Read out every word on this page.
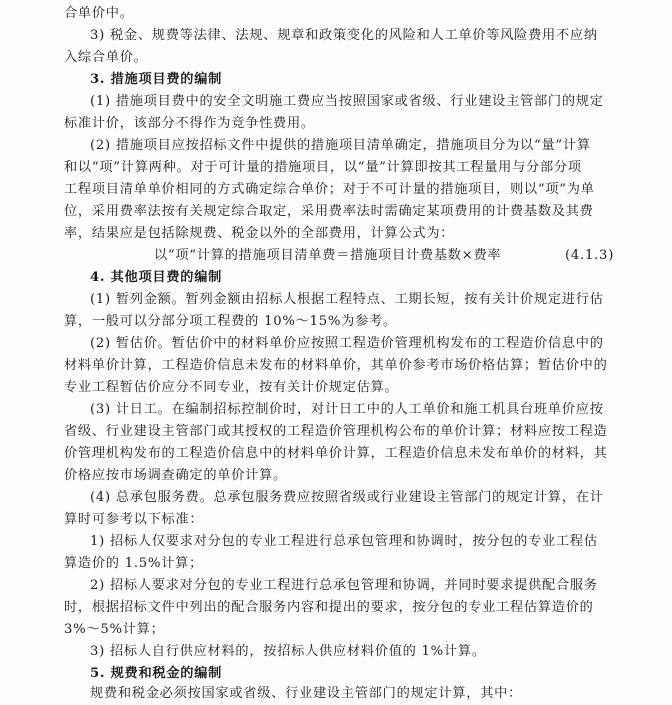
合单价中。

3) 税金、规费等法律、法规、规章和政策变化的风险和人工单价等风险费用不应纳

入综合单价。

3. 措施项目费的编制

(1) 措施项目费中的安全文明施工费应当按照国家或省级、行业建设主管部门的规定

标准计价，该部分不得作为竞争性费用。

(2) 措施项目应按招标文件中提供的措施项目清单确定，措施项目分为以“量”计算

和以“项”计算两种。对于可计量的措施项目，以“量”计算即按其工程量用与分部分项

工程项目清单单价相同的方式确定综合单价；对于不可计量的措施项目，则以“项”为单

位，采用费率法按有关规定综合取定，采用费率法时需确定某项费用的计费基数及其费

率，结果应是包括除规费、税金以外的全部费用，计算公式为：

以“项”计算的措施项目清单费＝措施项目计费基数×费率	(4.1.3)

4. 其他项目费的编制

(1) 暂列金额。暂列金额由招标人根据工程特点、工期长短，按有关计价规定进行估

算，一般可以分部分项工程费的 10%～15%为参考。

(2) 暂估价。暂估价中的材料单价应按照工程造价管理机构发布的工程造价信息中的

材料单价计算，工程造价信息未发布的材料单价，其单价参考市场价格估算；暂估价中的

专业工程暂估价应分不同专业，按有关计价规定估算。

(3) 计日工。在编制招标控制价时，对计日工中的人工单价和施工机具台班单价应按

省级、行业建设主管部门或其授权的工程造价管理机构公布的单价计算；材料应按工程造

价管理机构发布的工程造价信息中的材料单价计算，工程造价信息未发布单价的材料，其

价格应按市场调查确定的单价计算。

(4) 总承包服务费。总承包服务费应按照省级或行业建设主管部门的规定计算，在计

算时可参考以下标准：

1) 招标人仅要求对分包的专业工程进行总承包管理和协调时，按分包的专业工程估

算造价的 1.5%计算；

2) 招标人要求对分包的专业工程进行总承包管理和协调，并同时要求提供配合服务

时，根据招标文件中列出的配合服务内容和提出的要求，按分包的专业工程估算造价的

3%～5%计算；

3) 招标人自行供应材料的，按招标人供应材料价值的 1%计算。

5. 规费和税金的编制

规费和税金必须按国家或省级、行业建设主管部门的规定计算，其中：
